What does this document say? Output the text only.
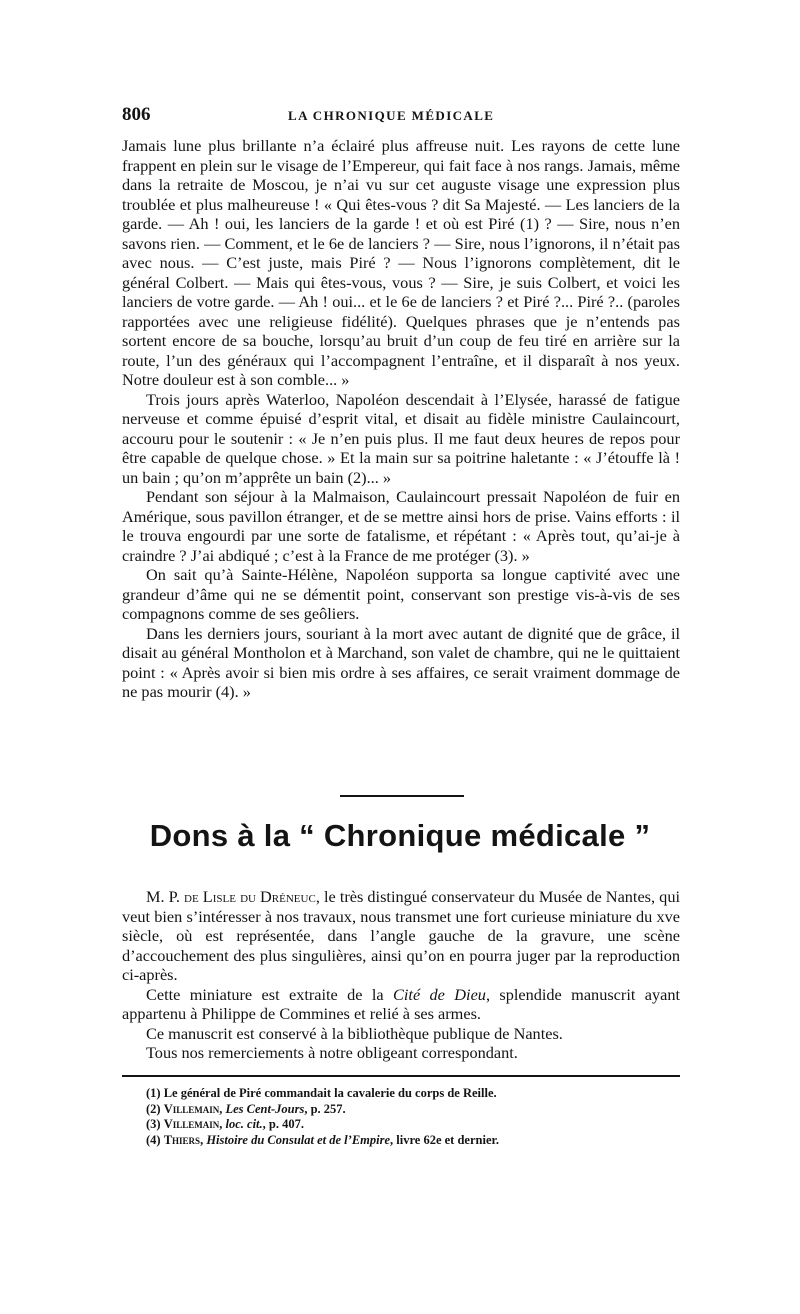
806	LA CHRONIQUE MÉDICALE

Jamais lune plus brillante n’a éclairé plus affreuse nuit. Les rayons de cette lune frappent en plein sur le visage de l’Empereur, qui fait face à nos rangs. Jamais, même dans la retraite de Moscou, je n’ai vu sur cet auguste visage une expression plus troublée et plus malheureuse ! « Qui êtes-vous ? dit Sa Majesté. — Les lanciers de la garde. — Ah ! oui, les lanciers de la garde ! et où est Piré (1) ? — Sire, nous n’en savons rien. — Comment, et le 6e de lanciers ? — Sire, nous l’ignorons, il n’était pas avec nous. — C’est juste, mais Piré ? — Nous l’ignorons complètement, dit le général Colbert. — Mais qui êtes-vous, vous ? — Sire, je suis Colbert, et voici les lanciers de votre garde. — Ah ! oui... et le 6e de lanciers ? et Piré ?... Piré ?.. (paroles rapportées avec une religieuse fidélité). Quelques phrases que je n’entends pas sortent encore de sa bouche, lorsqu’au bruit d’un coup de feu tiré en arrière sur la route, l’un des généraux qui l’accompagnent l’entraîne, et il disparaît à nos yeux. Notre douleur est à son comble... »

Trois jours après Waterloo, Napoléon descendait à l’Elysée, harassé de fatigue nerveuse et comme épuisé d’esprit vital, et disait au fidèle ministre Caulaincourt, accouru pour le soutenir : « Je n’en puis plus. Il me faut deux heures de repos pour être capable de quelque chose. » Et la main sur sa poitrine haletante : « J’étouffe là ! un bain ; qu’on m’apprête un bain (2)... »

Pendant son séjour à la Malmaison, Caulaincourt pressait Napoléon de fuir en Amérique, sous pavillon étranger, et de se mettre ainsi hors de prise. Vains efforts : il le trouva engourdi par une sorte de fatalisme, et répétant : « Après tout, qu’ai-je à craindre ? J’ai abdiqué ; c’est à la France de me protéger (3). »

On sait qu’à Sainte-Hélène, Napoléon supporta sa longue captivité avec une grandeur d’âme qui ne se démentit point, conservant son prestige vis-à-vis de ses compagnons comme de ses geôliers.

Dans les derniers jours, souriant à la mort avec autant de dignité que de grâce, il disait au général Montholon et à Marchand, son valet de chambre, qui ne le quittaient point : « Après avoir si bien mis ordre à ses affaires, ce serait vraiment dommage de ne pas mourir (4). »

Dons à la “ Chronique médicale ”

M. P. de Lisle du Dréneuc, le très distingué conservateur du Musée de Nantes, qui veut bien s’intéresser à nos travaux, nous transmet une fort curieuse miniature du xve siècle, où est représentée, dans l’angle gauche de la gravure, une scène d’accouchement des plus singulières, ainsi qu’on en pourra juger par la reproduction ci-après.

Cette miniature est extraite de la Cité de Dieu, splendide manuscrit ayant appartenu à Philippe de Commines et relié à ses armes.

Ce manuscrit est conservé à la bibliothèque publique de Nantes.

Tous nos remerciements à notre obligeant correspondant.

(1) Le général de Piré commandait la cavalerie du corps de Reille.
(2) Villemain, Les Cent-Jours, p. 257.
(3) Villemain, loc. cit., p. 407.
(4) Thiers, Histoire du Consulat et de l’Empire, livre 62e et dernier.
